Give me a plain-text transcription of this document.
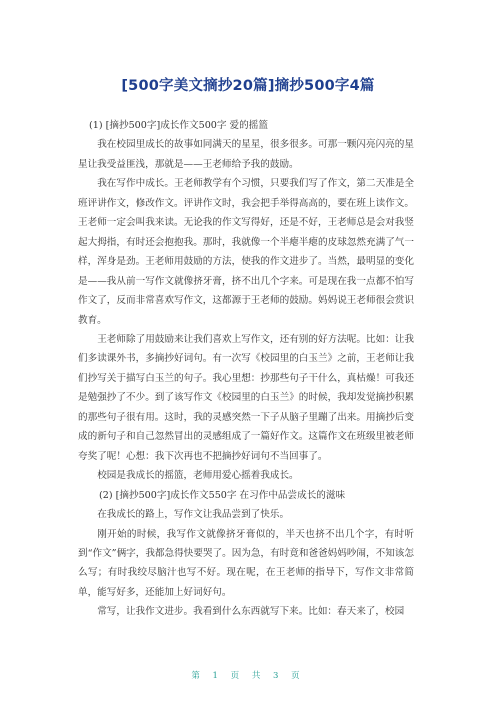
[500字美文摘抄20篇]摘抄500字4篇

(1) [摘抄500字]成长作文500字 爱的摇篮

我在校园里成长的故事如同满天的星星，很多很多。可那一颗闪亮闪亮的星星让我受益匪浅，那就是——王老师给予我的鼓励。

我在写作中成长。王老师教学有个习惯，只要我们写了作文，第二天准是全班评讲作文，修改作文。评讲作文时，我会把手举得高高的，要在班上读作文。王老师一定会叫我来读。无论我的作文写得好，还是不好，王老师总是会对我竖起大拇指，有时还会抱抱我。那时，我就像一个半瘪半瘪的皮球忽然充满了气一样，浑身是劲。王老师用鼓励的方法，使我的作文进步了。当然，最明显的变化是——我从前一写作文就像挤牙膏，挤不出几个字来。可是现在我一点都不怕写作文了，反而非常喜欢写作文，这都源于王老师的鼓励。妈妈说王老师很会赏识教育。

王老师除了用鼓励来让我们喜欢上写作文，还有别的好方法呢。比如：让我们多读课外书，多摘抄好词句。有一次写《校园里的白玉兰》之前，王老师让我们抄写关于描写白玉兰的句子。我心里想：抄那些句子干什么，真枯燥！可我还是勉强抄了不少。到了该写作文《校园里的白玉兰》的时候，我却发觉摘抄积累的那些句子很有用。这时，我的灵感突然一下子从脑子里蹦了出来。用摘抄后变成的新句子和自己忽然冒出的灵感组成了一篇好作文。这篇作文在班级里被老师夸奖了呢！心想：我下次再也不把摘抄好词句不当回事了。

校园是我成长的摇篮，老师用爱心摇着我成长。

(2) [摘抄500字]成长作文550字 在习作中品尝成长的滋味

在我成长的路上，写作文让我品尝到了快乐。

刚开始的时候，我写作文就像挤牙膏似的，半天也挤不出几个字，有时听到“作文”俩字，我都急得快要哭了。因为急，有时竟和爸爸妈妈吵闹，不知该怎么写；有时我绞尽脑汁也写不好。现在呢，在王老师的指导下，写作文非常简单，能写好多，还能加上好词好句。

常写，让我作文进步。我看到什么东西就写下来。比如：春天来了，校园

第 1 页 共 3 页
